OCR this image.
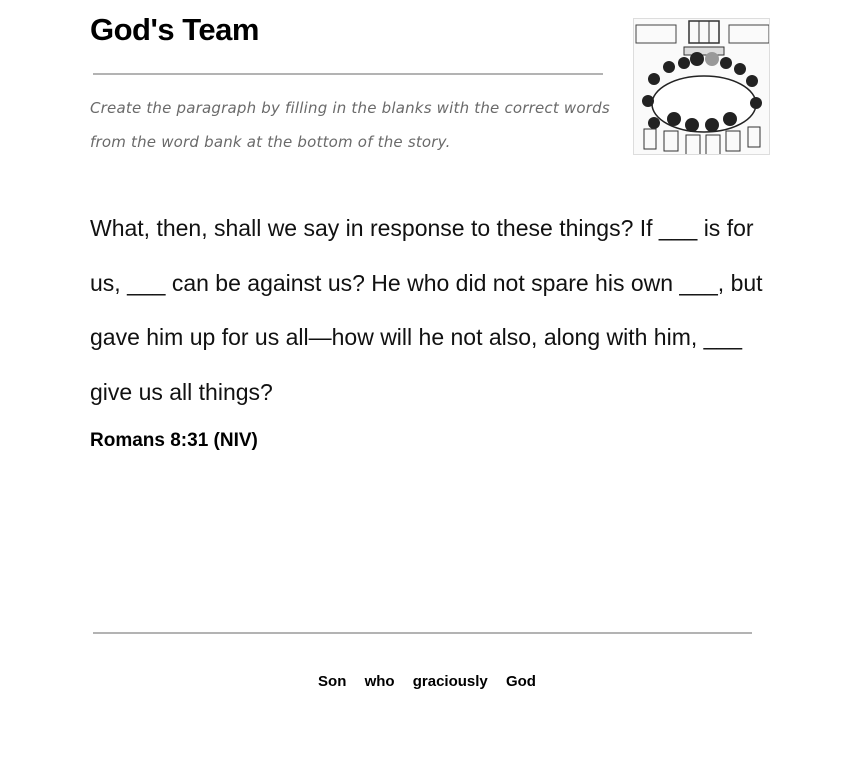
God's Team
Create the paragraph by filling in the blanks with the correct words from the word bank at the bottom of the story.
What, then, shall we say in response to these things? If ___ is for us, ___ can be against us? He who did not spare his own ___, but gave him up for us all—how will he not also, along with him, ___ give us all things?
Romans 8:31 (NIV)
Son who graciously God
